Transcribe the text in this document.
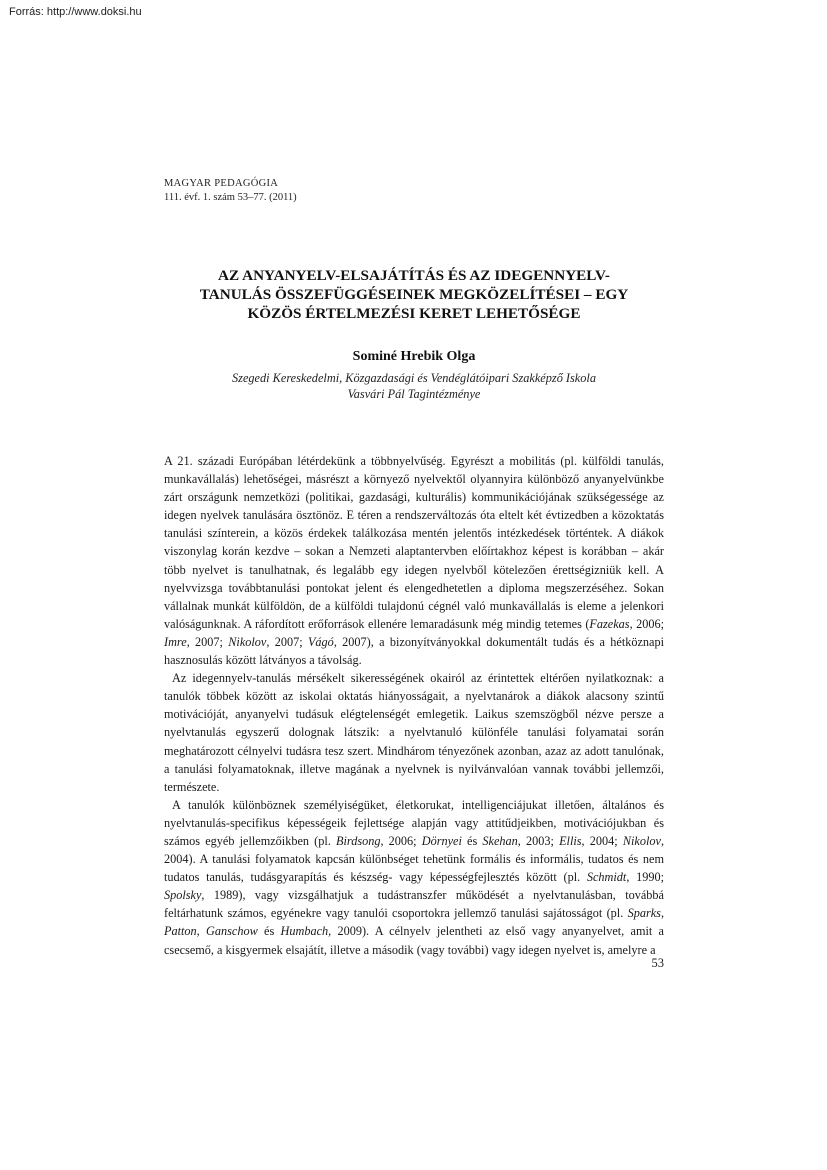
Forrás: http://www.doksi.hu
MAGYAR PEDAGÓGIA
111. évf. 1. szám 53–77. (2011)
AZ ANYANYELV-ELSAJÁTÍTÁS ÉS AZ IDEGENNYELV-
TANULÁS ÖSSZEFÜGGÉSEINEK MEGKÖZELÍTÉSEI – EGY
KÖZÖS ÉRTELMEZÉSI KERET LEHETŐSÉGE
Sominé Hrebik Olga
Szegedi Kereskedelmi, Közgazdasági és Vendéglátóipari Szakképző Iskola
Vasvári Pál Tagintézménye

A 21. századi Európában létérdekünk a többnyelvűség. Egyrészt a mobilitás (pl. külföldi tanulás, munkavállalás) lehetőségei, másrészt a környező nyelvektől olyannyira különböző anyanyelvünkbe zárt országunk nemzetközi (politikai, gazdasági, kulturális) kommunikációjának szükségessége az idegen nyelvek tanulására ösztönöz. E téren a rendszerváltozás óta eltelt két évtizedben a közoktatás tanulási színterein, a közös érdekek találkozása mentén jelentős intézkedések történtek. A diákok viszonylag korán kezdve – sokan a Nemzeti alaptantervben előírtakhoz képest is korábban – akár több nyelvet is tanulhatnak, és legalább egy idegen nyelvből kötelezően érettségizniük kell. A nyelvvizsga továbbtanulási pontokat jelent és elengedhetetlen a diploma megszerzéséhez. Sokan vállalnak munkát külföldön, de a külföldi tulajdonú cégnél való munkavállalás is eleme a jelenkori valóságunknak. A ráfordított erőforrások ellenére lemaradásunk még mindig tetemes (Fazekas, 2006; Imre, 2007; Nikolov, 2007; Vágó, 2007), a bizonyítványokkal dokumentált tudás és a hétköznapi hasznosulás között látványos a távolság.

Az idegennyelv-tanulás mérsékelt sikerességének okairól az érintettek eltérően nyilatkoznak: a tanulók többek között az iskolai oktatás hiányosságait, a nyelvtanárok a diákok alacsony szintű motivációját, anyanyelvi tudásuk elégtelenségét emlegetik. Laikus szemszögből nézve persze a nyelvtanulás egyszerű dolognak látszik: a nyelvtanuló különféle tanulási folyamatai során meghatározott célnyelvi tudásra tesz szert. Mindhárom tényezőnek azonban, azaz az adott tanulónak, a tanulási folyamatoknak, illetve magának a nyelvnek is nyilvánvalóan vannak további jellemzői, természete.

A tanulók különböznek személyiségüket, életkorukat, intelligenciájukat illetően, általános és nyelvtanulás-specifikus képességeik fejlettsége alapján vagy attitűdjeikben, motivációjukban és számos egyéb jellemzőikben (pl. Birdsong, 2006; Dörnyei és Skehan, 2003; Ellis, 2004; Nikolov, 2004). A tanulási folyamatok kapcsán különbséget tehetünk formális és informális, tudatos és nem tudatos tanulás, tudásgyarapítás és készség- vagy képességfejlesztés között (pl. Schmidt, 1990; Spolsky, 1989), vagy vizsgálhatjuk a tudástranszfer működését a nyelvtanulásban, továbbá feltárhatunk számos, egyénekre vagy tanulói csoportokra jellemző tanulási sajátosságot (pl. Sparks, Patton, Ganschow és Humbach, 2009). A célnyelv jelentheti az első vagy anyanyelvet, amit a csecsemő, a kisgyermek elsajátít, illetve a második (vagy további) vagy idegen nyelvet is, amelyre a

53
